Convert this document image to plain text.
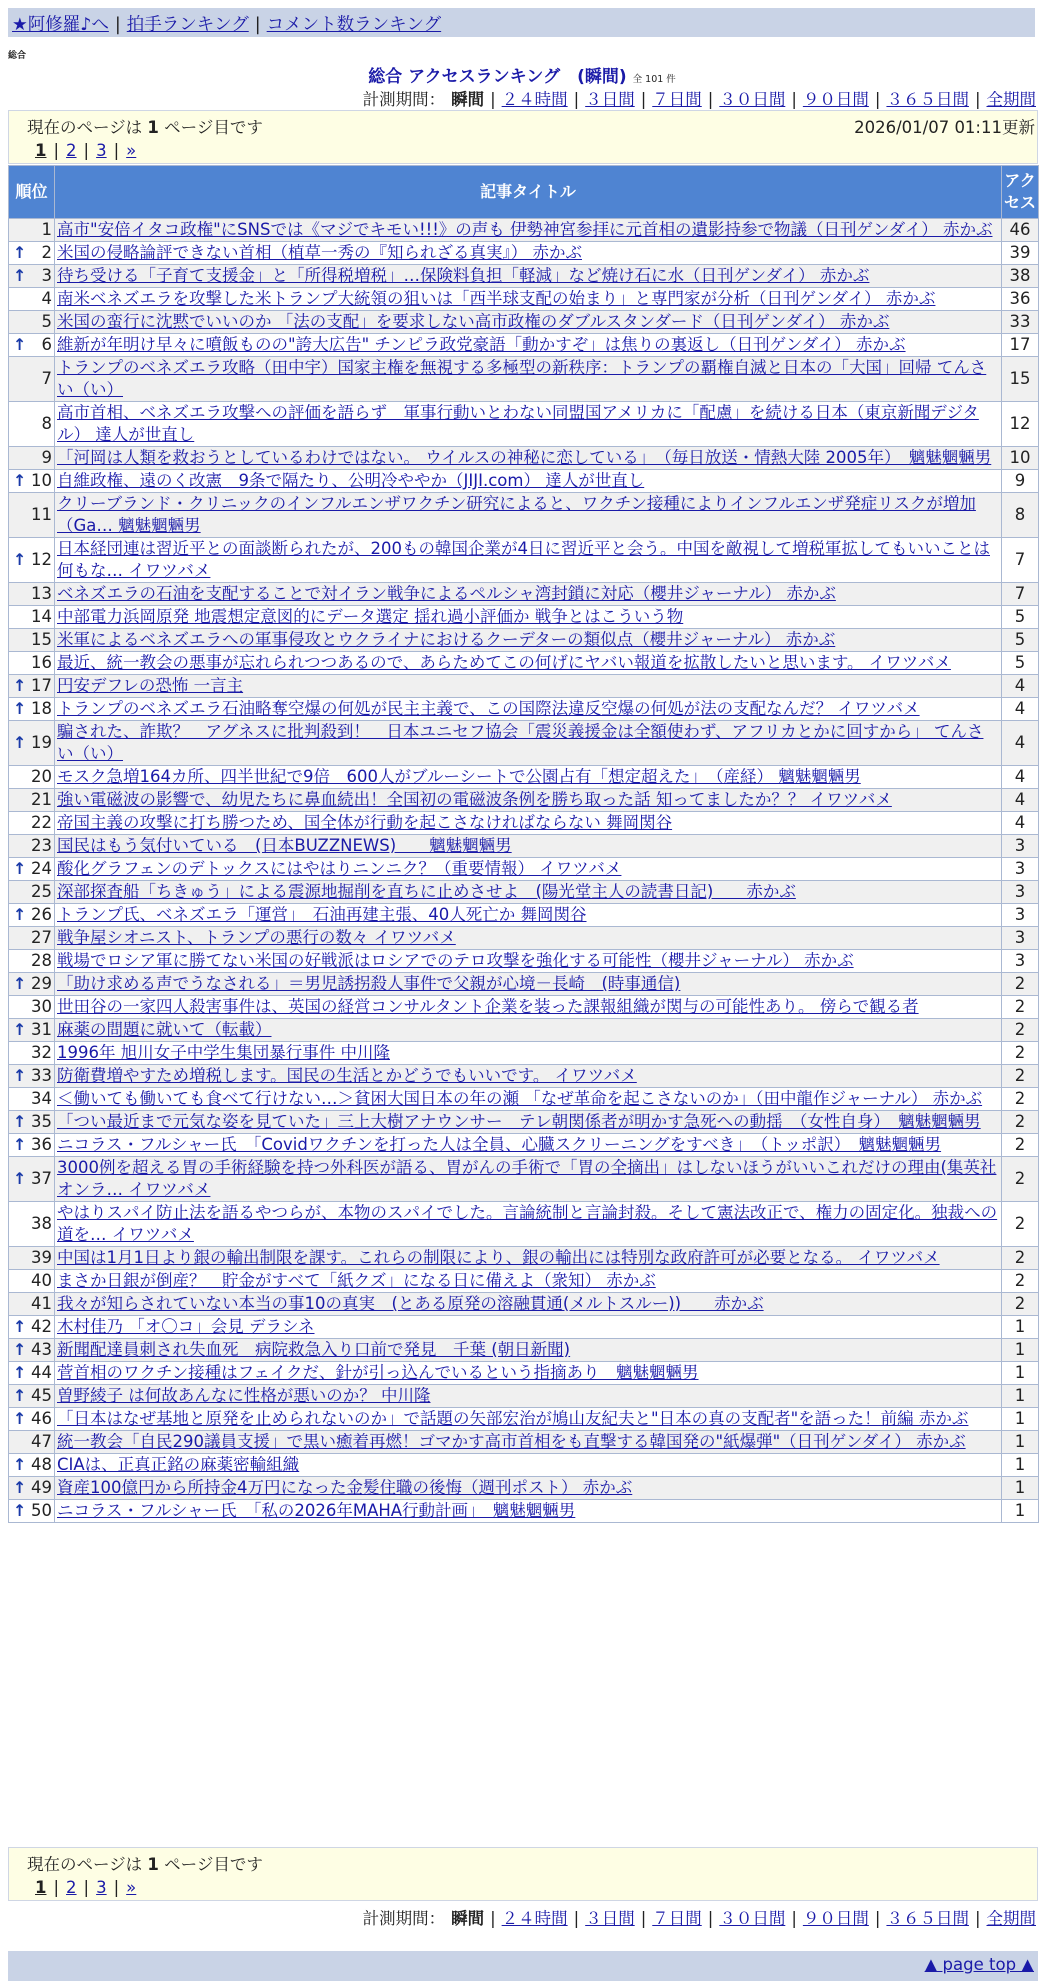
★阿修羅♪へ | 拍手ランキング | コメント数ランキング
総合
総合 アクセスランキング　(瞬間) 全 101 件
計測期間： 瞬間 | ２４時間 | ３日間 | ７日間 | ３０日間 | ９０日間 | ３６５日間 | 全期間
現在のページは 1 ページ目です	2026/01/07 01:11更新
1 | 2 | 3 | »
順位	記事タイトル	アクセス
1	高市"安倍イタコ政権"にSNSでは《マジでキモい!!!》の声も 伊勢神宮参拝に元首相の遺影持参で物議（日刊ゲンダイ） 赤かぶ	46

↑ 2	米国の侵略論評できない首相（植草一秀の『知られざる真実』） 赤かぶ	39

↑ 3	待ち受ける「子育て支援金」と「所得税増税」…保険料負担「軽減」など焼け石に水（日刊ゲンダイ） 赤かぶ	38
4	南米ベネズエラを攻撃した米トランプ大統領の狙いは「西半球支配の始まり」と専門家が分析（日刊ゲンダイ） 赤かぶ	36
5	米国の蛮行に沈黙でいいのか 「法の支配」を要求しない高市政権のダブルスタンダード（日刊ゲンダイ） 赤かぶ	33

↑ 6	維新が年明け早々に噴飯ものの"誇大広告" チンピラ政党豪語「動かすぞ」は焦りの裏返し（日刊ゲンダイ） 赤かぶ	17
7	トランプのベネズエラ攻略（田中宇）国家主権を無視する多極型の新秩序：トランプの覇権自滅と日本の「大国」回帰 てんさい（い）	15
8	高市首相、ベネズエラ攻撃への評価を語らず　軍事行動いとわない同盟国アメリカに「配慮」を続ける日本（東京新聞デジタル） 達人が世直し	12
9	「河岡は人類を救おうとしているわけではない。 ウイルスの神秘に恋している」　（毎日放送・情熱大陸 2005年）　魑魅魍魎男	10

↑ 10	自維政権、遠のく改憲　9条で隔たり、公明冷ややか（JIJI.com） 達人が世直し	9
11	クリーブランド・クリニックのインフルエンザワクチン研究によると、ワクチン接種によりインフルエンザ発症リスクが増加（Ga… 魑魅魍魎男	8

↑ 12	日本経団連は習近平との面談断られたが、200もの韓国企業が4日に習近平と会う。中国を敵視して増税軍拡してもいいことは何もな… イワツバメ	7
13	ベネズエラの石油を支配することで対イラン戦争によるペルシャ湾封鎖に対応（櫻井ジャーナル） 赤かぶ	7
14	中部電力浜岡原発 地震想定意図的にデータ選定 揺れ過小評価か 戦争とはこういう物	5
15	米軍によるベネズエラへの軍事侵攻とウクライナにおけるクーデターの類似点（櫻井ジャーナル） 赤かぶ	5
16	最近、統一教会の悪事が忘れられつつあるので、あらためてこの何げにヤバい報道を拡散したいと思います。 イワツバメ	5

↑ 17	円安デフレの恐怖 一言主	4

↑ 18	トランプのベネズエラ石油略奪空爆の何処が民主主義で、この国際法違反空爆の何処が法の支配なんだ？ イワツバメ	4

↑ 19	騙された、詐欺？　アグネスに批判殺到！　日本ユニセフ協会「震災義援金は全額使わず、アフリカとかに回すから」 てんさい（い）	4
20	モスク急増164カ所、四半世紀で9倍　600人がブルーシートで公園占有「想定超えた」　（産経） 魑魅魍魎男	4
21	強い電磁波の影響で、幼児たちに鼻血続出！全国初の電磁波条例を勝ち取った話 知ってましたか？？ イワツバメ	4
22	帝国主義の攻撃に打ち勝つため、国全体が行動を起こさなければならない 舞岡関谷	4
23	国民はもう気付いている　(日本BUZZNEWS)　　魑魅魍魎男	3

↑ 24	酸化グラフェンのデトックスにはやはりニンニク？（重要情報） イワツバメ	3
25	深部探査船「ちきゅう」による震源地掘削を直ちに止めさせよ　(陽光堂主人の読書日記)　　赤かぶ	3

↑ 26	トランプ氏、ベネズエラ「運営」　石油再建主張、40人死亡か 舞岡関谷	3
27	戦争屋シオニスト、トランプの悪行の数々 イワツバメ	3
28	戦場でロシア軍に勝てない米国の好戦派はロシアでのテロ攻撃を強化する可能性（櫻井ジャーナル） 赤かぶ	3

↑ 29	「助け求める声でうなされる」＝男児誘拐殺人事件で父親が心境－長崎　(時事通信)	2
30	世田谷の一家四人殺害事件は、英国の経営コンサルタント企業を装った課報組織が関与の可能性あり。 傍らで観る者	2

↑ 31	麻薬の問題に就いて（転載）	2
32	1996年 旭川女子中学生集団暴行事件 中川隆	2

↑ 33	防衛費増やすため増税します。国民の生活とかどうでもいいです。 イワツバメ	2
34	＜働いても働いても食べて行けない…＞貧困大国日本の年の瀬 「なぜ革命を起こさないのか」（田中龍作ジャーナル） 赤かぶ	2

↑ 35	「つい最近まで元気な姿を見ていた」三上大樹アナウンサー　テレ朝関係者が明かす急死への動揺　（女性自身）　魑魅魍魎男	2

↑ 36	ニコラス・フルシャー氏　「Covidワクチンを打った人は全員、心臓スクリーニングをすべき」　（トッポ訳）　魑魅魍魎男	2

↑ 37	3000例を超える胃の手術経験を持つ外科医が語る、胃がんの手術で「胃の全摘出」はしないほうがいいこれだけの理由(集英社オンラ… イワツバメ	2
38	やはりスパイ防止法を語るやつらが、本物のスパイでした。言論統制と言論封殺。そして憲法改正で、権力の固定化。独裁への道を… イワツバメ	2
39	中国は1月1日より銀の輸出制限を課す。これらの制限により、銀の輸出には特別な政府許可が必要となる。 イワツバメ	2
40	まさか日銀が倒産？　貯金がすべて「紙クズ」になる日に備えよ（衆知） 赤かぶ	2
41	我々が知らされていない本当の事10の真実　(とある原発の溶融貫通(メルトスルー))　　赤かぶ	2

↑ 42	木村佳乃 「オ〇コ」会見 デラシネ	1

↑ 43	新聞配達員刺され失血死　病院救急入り口前で発見　千葉 (朝日新聞)	1

↑ 44	菅首相のワクチン接種はフェイクだ、針が引っ込んでいるという指摘あり　魑魅魍魎男	1

↑ 45	曽野綾子 は何故あんなに性格が悪いのか？ 中川隆	1

↑ 46	「日本はなぜ基地と原発を止められないのか」で話題の矢部宏治が鳩山友紀夫と"日本の真の支配者"を語った！前編 赤かぶ	1
47	統一教会「自民290議員支援」で黒い癒着再燃！ゴマかす高市首相をも直撃する韓国発の"紙爆弾"（日刊ゲンダイ） 赤かぶ	1

↑ 48	CIAは、正真正銘の麻薬密輸組織	1

↑ 49	資産100億円から所持金4万円になった金髪住職の後悔（週刊ポスト） 赤かぶ	1

↑ 50	ニコラス・フルシャー氏　「私の2026年MAHA行動計画」　魑魅魍魎男	1
現在のページは 1 ページ目です
1 | 2 | 3 | »
計測期間： 瞬間 | ２４時間 | ３日間 | ７日間 | ３０日間 | ９０日間 | ３６５日間 | 全期間
▲ page top ▲
